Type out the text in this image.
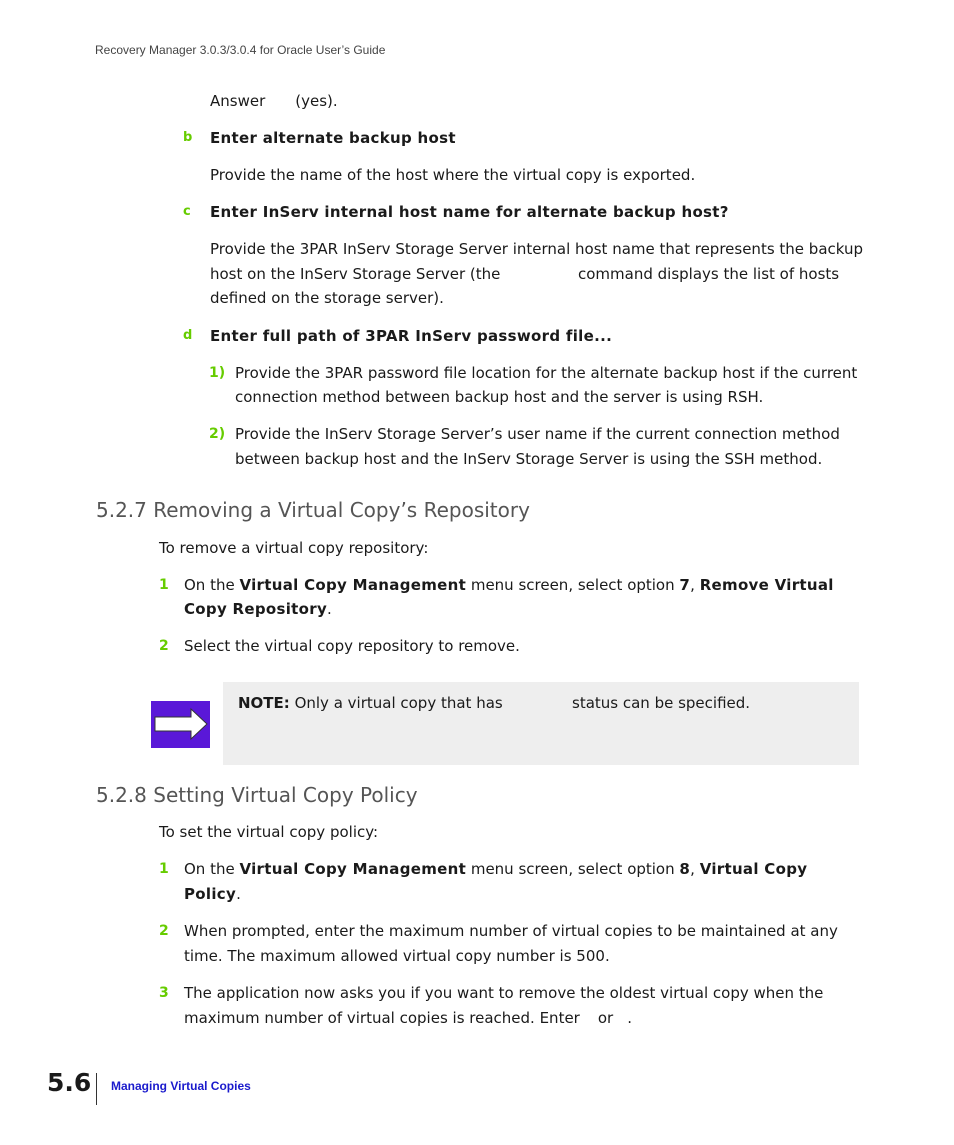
Recovery Manager 3.0.3/3.0.4 for Oracle User’s Guide
Answer (yes).
b Enter alternate backup host
Provide the name of the host where the virtual copy is exported.
c Enter InServ internal host name for alternate backup host?
Provide the 3PAR InServ Storage Server internal host name that represents the backup
host on the InServ Storage Server (the	command displays the list of hosts
defined on the storage server).
d Enter full path of 3PAR InServ password file...
1) Provide the 3PAR password file location for the alternate backup host if the current
connection method between backup host and the server is using RSH.
2) Provide the InServ Storage Server’s user name if the current connection method
between backup host and the InServ Storage Server is using the SSH method.
5.2.7 Removing a Virtual Copy’s Repository
To remove a virtual copy repository:
1 On the Virtual Copy Management menu screen, select option 7, Remove Virtual
Copy Repository.
2 Select the virtual copy repository to remove.
NOTE: Only a virtual copy that has	status can be specified.
5.2.8 Setting Virtual Copy Policy
To set the virtual copy policy:
1 On the Virtual Copy Management menu screen, select option 8, Virtual Copy
Policy.
2 When prompted, enter the maximum number of virtual copies to be maintained at any
time. The maximum allowed virtual copy number is 500.
3 The application now asks you if you want to remove the oldest virtual copy when the
maximum number of virtual copies is reached. Enter or .
5.6 Managing Virtual Copies
